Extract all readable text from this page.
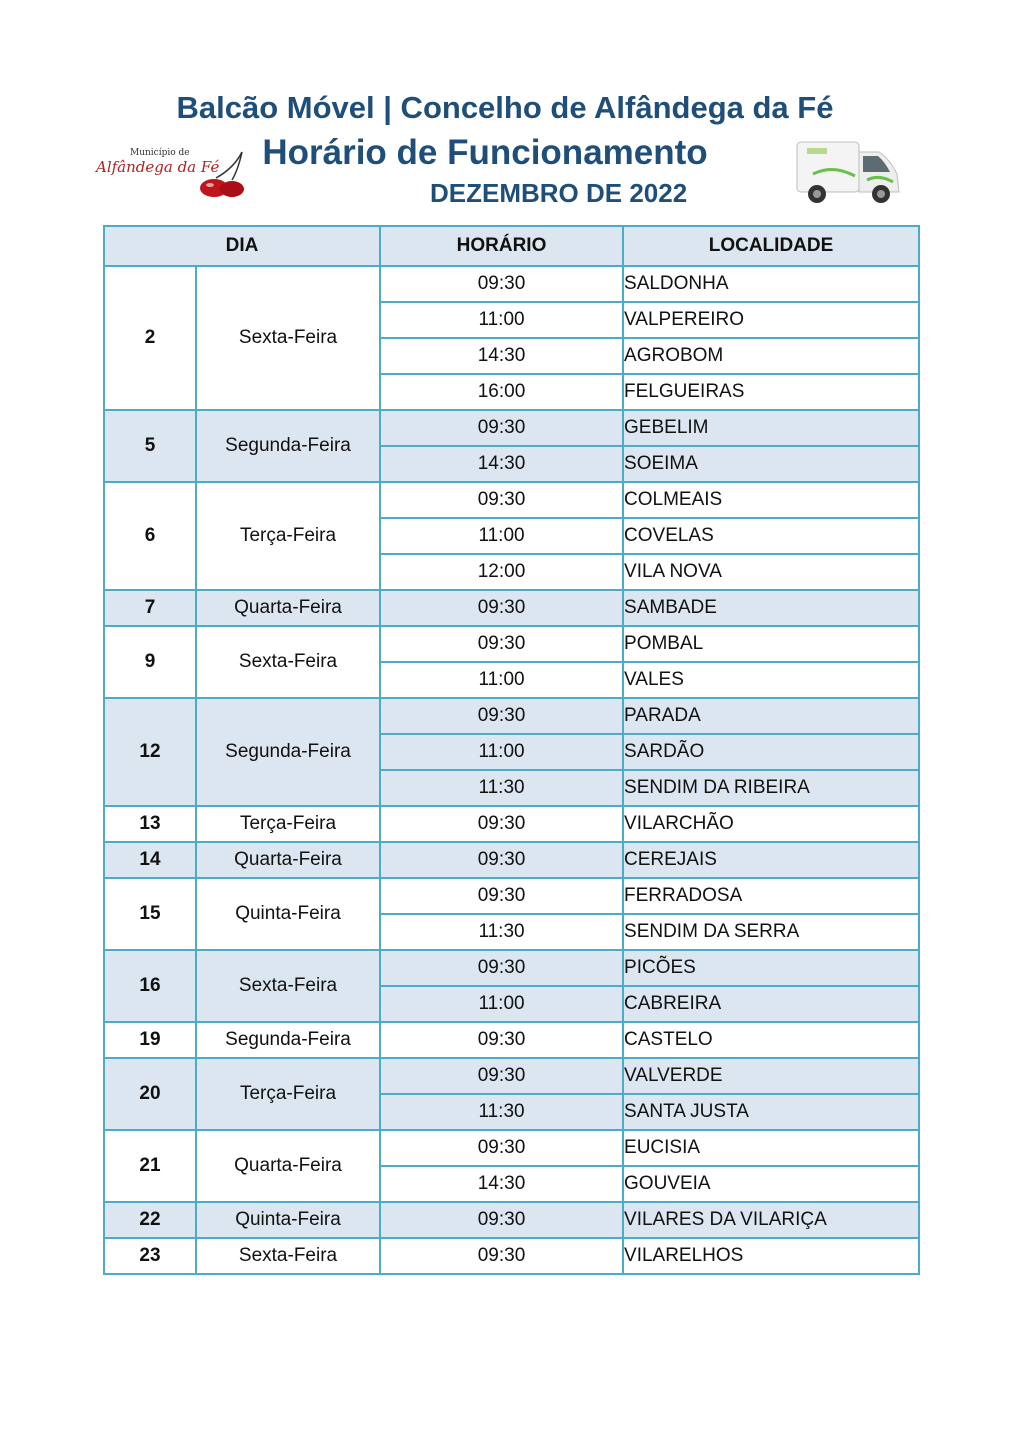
Balcão Móvel | Concelho de Alfândega da Fé
Município de
Alfândega da Fé	Horário de Funcionamento
DEZEMBRO DE 2022
DIA		HORÁRIO	LOCALIDADE
2	Sexta-Feira	09:30	SALDONHA
		11:00	VALPEREIRO
		14:30	AGROBOM
		16:00	FELGUEIRAS
5	Segunda-Feira	09:30	GEBELIM
		14:30	SOEIMA
6	Terça-Feira	09:30	COLMEAIS
		11:00	COVELAS
		12:00	VILA NOVA
7	Quarta-Feira	09:30	SAMBADE
9	Sexta-Feira	09:30	POMBAL
		11:00	VALES
12	Segunda-Feira	09:30	PARADA
		11:00	SARDÃO
		11:30	SENDIM DA RIBEIRA
13	Terça-Feira	09:30	VILARCHÃO
14	Quarta-Feira	09:30	CEREJAIS
15	Quinta-Feira	09:30	FERRADOSA
		11:30	SENDIM DA SERRA
16	Sexta-Feira	09:30	PICÕES
		11:00	CABREIRA
19	Segunda-Feira	09:30	CASTELO
20	Terça-Feira	09:30	VALVERDE
		11:30	SANTA JUSTA
21	Quarta-Feira	09:30	EUCISIA
		14:30	GOUVEIA
22	Quinta-Feira	09:30	VILARES DA VILARIÇA
23	Sexta-Feira	09:30	VILARELHOS
